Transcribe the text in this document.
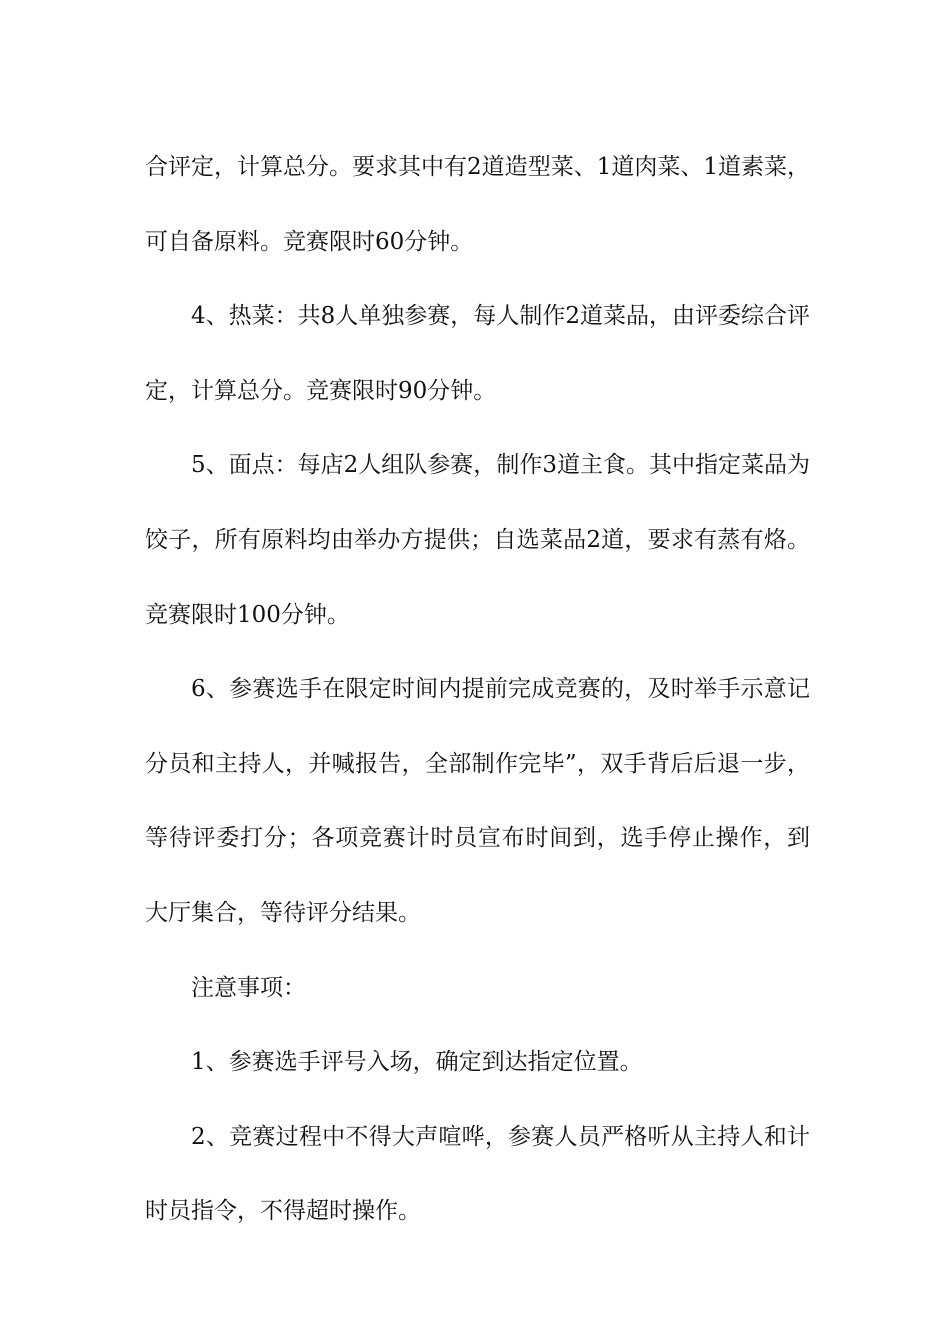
合评定，计算总分。要求其中有2道造型菜、1道肉菜、1道素菜，可自备原料。竞赛限时60分钟。

4、热菜：共8人单独参赛，每人制作2道菜品，由评委综合评定，计算总分。竞赛限时90分钟。

5、面点：每店2人组队参赛，制作3道主食。其中指定菜品为饺子，所有原料均由举办方提供；自选菜品2道，要求有蒸有烙。竞赛限时100分钟。

6、参赛选手在限定时间内提前完成竞赛的，及时举手示意记分员和主持人，并喊报告，全部制作完毕”，双手背后后退一步，等待评委打分；各项竞赛计时员宣布时间到，选手停止操作，到大厅集合，等待评分结果。

注意事项：

1、参赛选手评号入场，确定到达指定位置。

2、竞赛过程中不得大声喧哗，参赛人员严格听从主持人和计时员指令，不得超时操作。
